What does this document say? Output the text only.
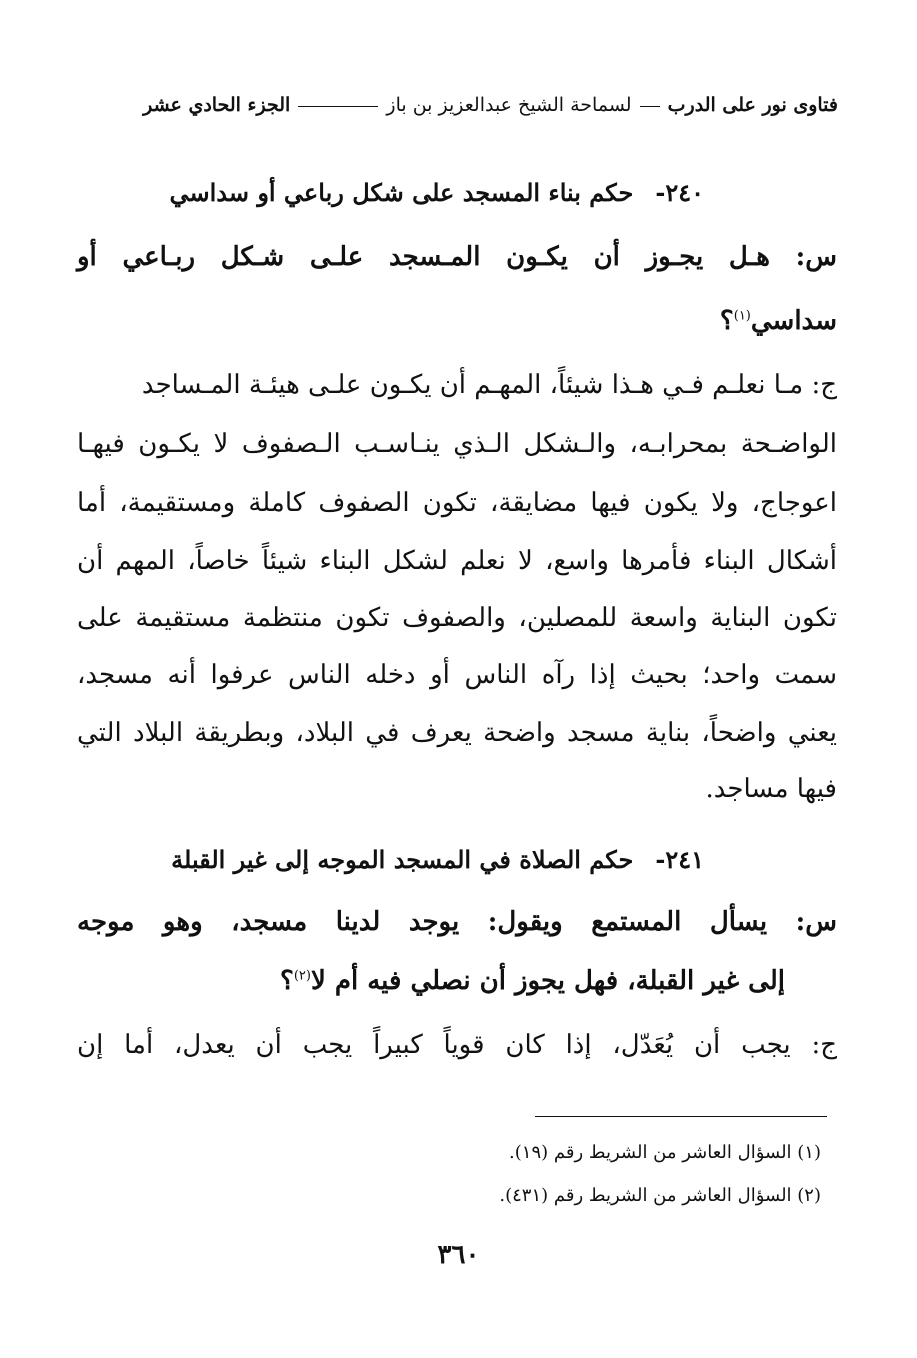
فتاوى نور على الدرب  لسماحة الشيخ عبدالعزيز بن باز  الجزء الحادي عشر
٢٤٠-حكم بناء المسجد على شكل رباعي أو سداسي
س: هـل يجـوز أن يكـون المـسجد علـى شـكل ربـاعي أو
سداسي$^{(١)}$؟
ج: مـا نعلـم فـي هـذا شيئاً، المهـم أن يكـون علـى هيئـة المـساجد
الواضـحة بمحرابـه، والـشكل الـذي ينـاسـب الـصفوف لا يكـون فيهـا
اعوجاج، ولا يكون فيها مضايقة، تكون الصفوف كاملة ومستقيمة، أما
أشكال البناء فأمرها واسع، لا نعلم لشكل البناء شيئاً خاصاً، المهم أن
تكون البناية واسعة للمصلين، والصفوف تكون منتظمة مستقيمة على
سمت واحد؛ بحيث إذا رآه الناس أو دخله الناس عرفوا أنه مسجد،
يعني واضحاً، بناية مسجد واضحة يعرف في البلاد، وبطريقة البلاد التي
فيها مساجد.
٢٤١-حكم الصلاة في المسجد الموجه إلى غير القبلة
س: يسأل المستمع ويقول: يوجد لدينا مسجد، وهو موجه
إلى غير القبلة، فهل يجوز أن نصلي فيه أم لا$^{(٢)}$؟
ج: يجب أن يُعَدّل، إذا كان قوياً كبيراً يجب أن يعدل، أما إن
(١) السؤال العاشر من الشريط رقم (١٩).
(٢) السؤال العاشر من الشريط رقم (٤٣١).
٣٦٠
